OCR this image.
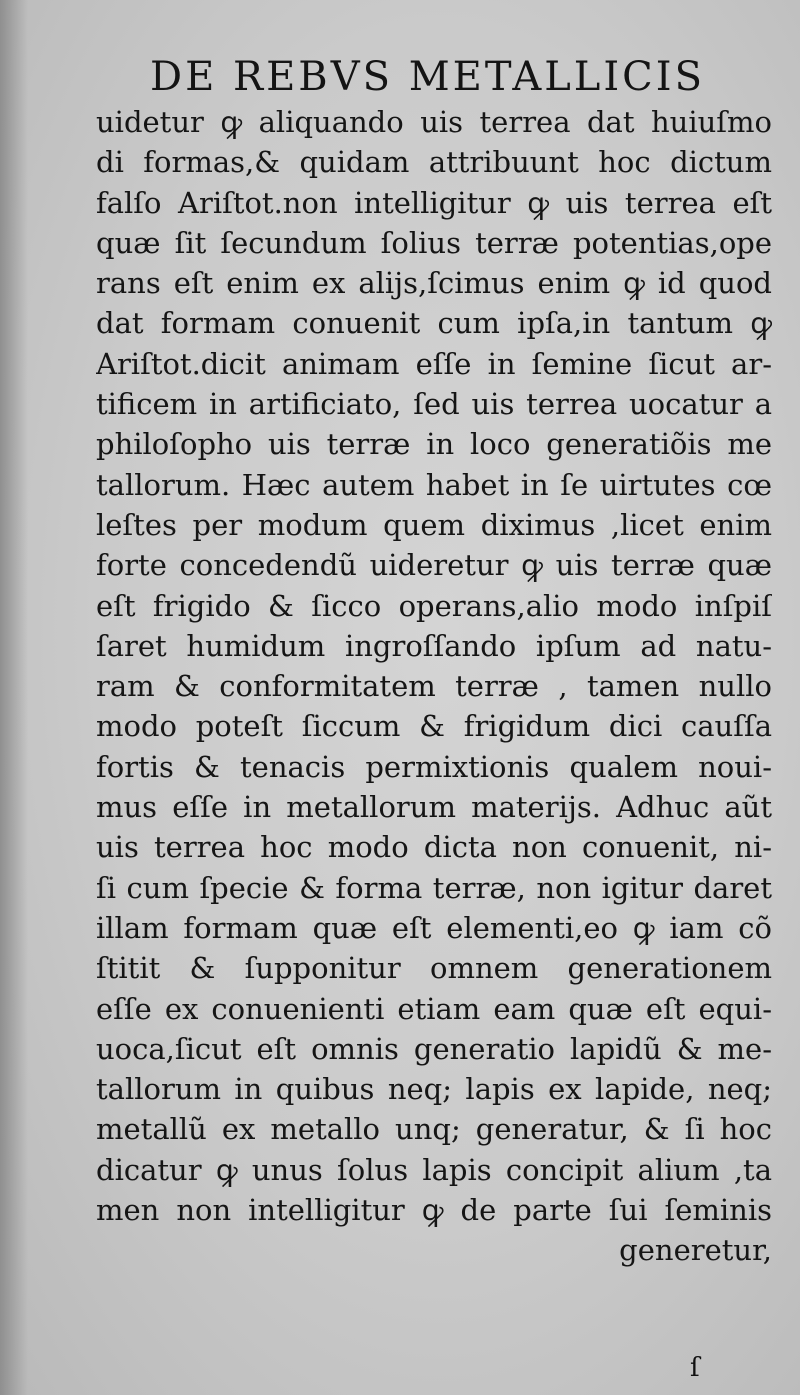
DE REBVS METALLICIS
uidetur ꝙ aliquando uis terrea dat huiuſmo
di formas,& quidam attribuunt hoc dictum
falſo Ariſtot.non intelligitur ꝙ uis terrea eſt
quæ ſit ſecundum ſolius terræ potentias,ope
rans eſt enim ex alijs,ſcimus enim ꝙ id quod
dat formam conuenit cum ipſa,in tantum ꝙ
Ariſtot.dicit animam eſſe in ſemine ſicut ar-
tificem in artificiato, ſed uis terrea uocatur a
philoſopho uis terræ in loco generatiõis me
tallorum. Hæc autem habet in ſe uirtutes cœ
leſtes per modum quem diximus ,licet enim
forte concedendũ uideretur ꝙ uis terræ quæ
eſt frigido & ſicco operans,alio modo inſpiſ
ſaret humidum ingroſſando ipſum ad natu-
ram & conformitatem terræ , tamen nullo
modo poteſt ſiccum & frigidum dici cauſſa
fortis & tenacis permixtionis qualem noui-
mus eſſe in metallorum materijs. Adhuc aũt
uis terrea hoc modo dicta non conuenit, ni-
ſi cum ſpecie & forma terræ, non igitur daret
illam formam quæ eſt elementi,eo ꝙ iam cõ
ſtitit & ſupponitur omnem generationem
eſſe ex conuenienti etiam eam quæ eſt equi-
uoca,ſicut eſt omnis generatio lapidũ & me-
tallorum in quibus neq; lapis ex lapide, neq;
metallũ ex metallo unq; generatur, & ſi hoc
dicatur ꝙ unus ſolus lapis concipit alium ,ta
men non intelligitur ꝙ de parte ſui ſeminis
generetur,
ſ
